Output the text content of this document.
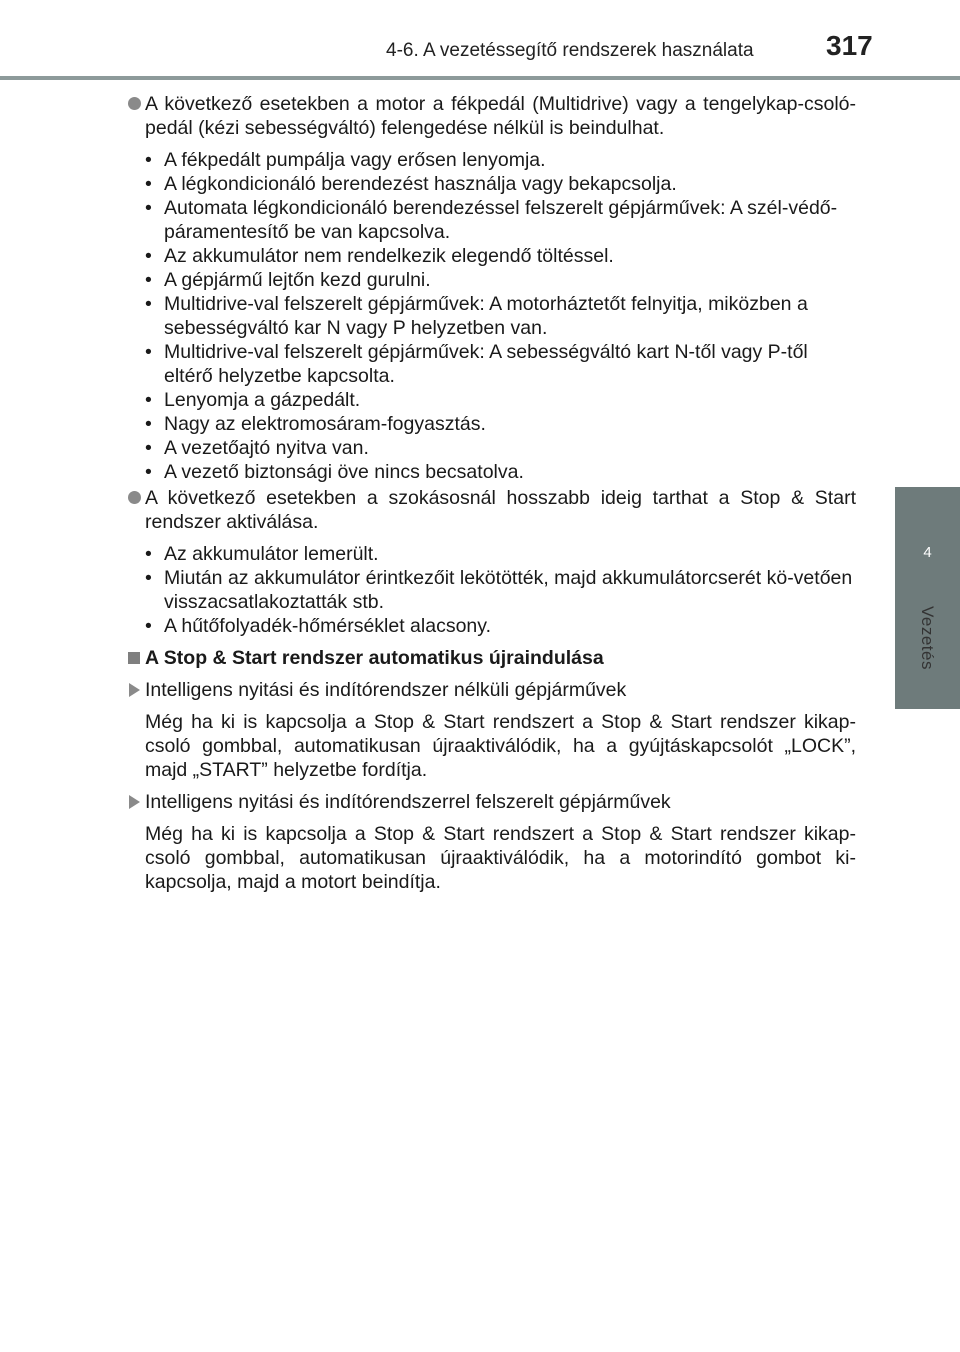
4-6. A vezetéssegítő rendszerek használata	317
4
Vezetés
A következő esetekben a motor a fékpedál (Multidrive) vagy a tengelykap-csoló-pedál (kézi sebességváltó) felengedése nélkül is beindulhat.
• A fékpedált pumpálja vagy erősen lenyomja.
• A légkondicionáló berendezést használja vagy bekapcsolja.
• Automata légkondicionáló berendezéssel felszerelt gépjárművek: A szél-védő-páramentesítő be van kapcsolva.
• Az akkumulátor nem rendelkezik elegendő töltéssel.
• A gépjármű lejtőn kezd gurulni.
• Multidrive-val felszerelt gépjárművek: A motorháztetőt felnyitja, miközben a sebességváltó kar N vagy P helyzetben van.
• Multidrive-val felszerelt gépjárművek: A sebességváltó kart N-től vagy P-től eltérő helyzetbe kapcsolta.
• Lenyomja a gázpedált.
• Nagy az elektromosáram-fogyasztás.
• A vezetőajtó nyitva van.
• A vezető biztonsági öve nincs becsatolva.
A következő esetekben a szokásosnál hosszabb ideig tarthat a Stop & Start rendszer aktiválása.
• Az akkumulátor lemerült.
• Miután az akkumulátor érintkezőit lekötötték, majd akkumulátorcserét kö-vetően visszacsatlakoztatták stb.
• A hűtőfolyadék-hőmérséklet alacsony.
A Stop & Start rendszer automatikus újraindulása
Intelligens nyitási és indítórendszer nélküli gépjárművek
Még ha ki is kapcsolja a Stop & Start rendszert a Stop & Start rendszer kikap-csoló gombbal, automatikusan újraaktiválódik, ha a gyújtáskapcsolót „LOCK”, majd „START” helyzetbe fordítja.
Intelligens nyitási és indítórendszerrel felszerelt gépjárművek
Még ha ki is kapcsolja a Stop & Start rendszert a Stop & Start rendszer kikap-csoló gombbal, automatikusan újraaktiválódik, ha a motorindító gombot ki-kapcsolja, majd a motort beindítja.
